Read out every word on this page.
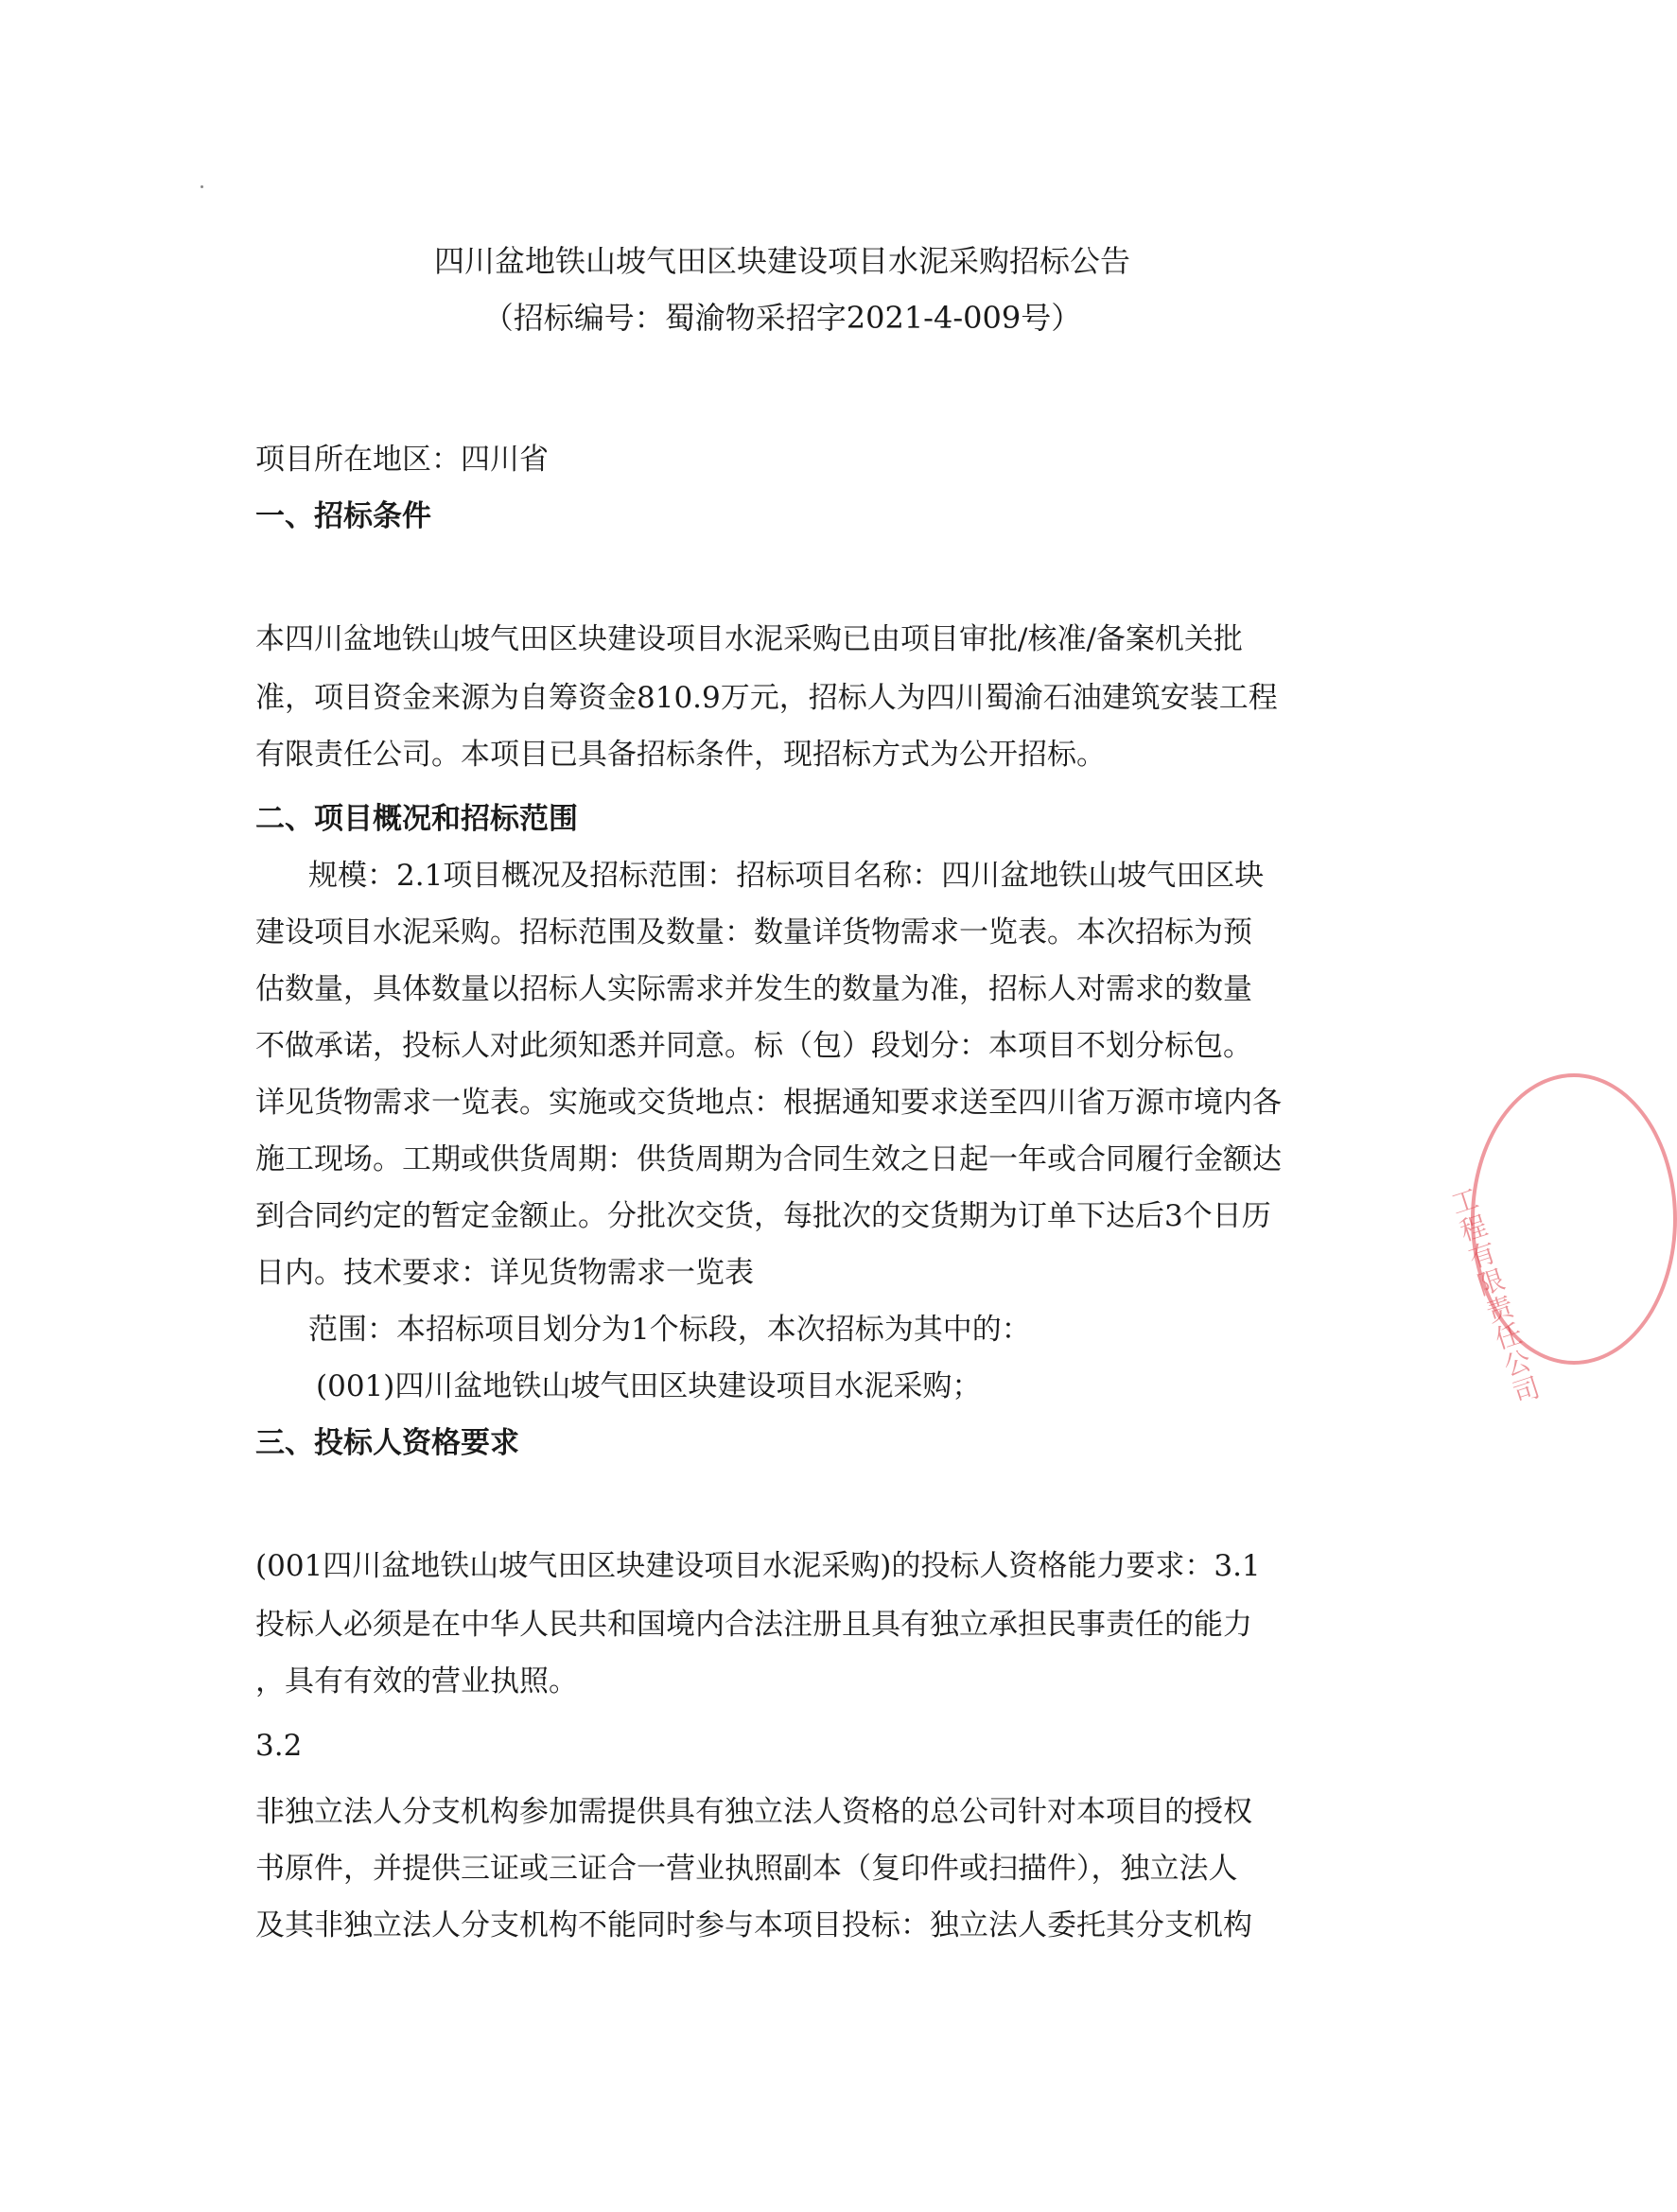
四川盆地铁山坡气田区块建设项目水泥采购招标公告
（招标编号：蜀渝物采招字2021-4-009号）
项目所在地区：四川省
一、招标条件
本四川盆地铁山坡气田区块建设项目水泥采购已由项目审批/核准/备案机关批
准，项目资金来源为自筹资金810.9万元，招标人为四川蜀渝石油建筑安装工程
有限责任公司。本项目已具备招标条件，现招标方式为公开招标。
二、项目概况和招标范围
规模：2.1项目概况及招标范围：招标项目名称：四川盆地铁山坡气田区块
建设项目水泥采购。招标范围及数量：数量详货物需求一览表。本次招标为预
估数量，具体数量以招标人实际需求并发生的数量为准，招标人对需求的数量
不做承诺，投标人对此须知悉并同意。标（包）段划分：本项目不划分标包。
详见货物需求一览表。实施或交货地点：根据通知要求送至四川省万源市境内各
施工现场。工期或供货周期：供货周期为合同生效之日起一年或合同履行金额达
到合同约定的暂定金额止。分批次交货，每批次的交货期为订单下达后3个日历
日内。技术要求：详见货物需求一览表
范围：本招标项目划分为1个标段，本次招标为其中的：
(001)四川盆地铁山坡气田区块建设项目水泥采购；
三、投标人资格要求
(001四川盆地铁山坡气田区块建设项目水泥采购)的投标人资格能力要求：3.1
投标人必须是在中华人民共和国境内合法注册且具有独立承担民事责任的能力
，具有有效的营业执照。
3.2
非独立法人分支机构参加需提供具有独立法人资格的总公司针对本项目的授权
书原件，并提供三证或三证合一营业执照副本（复印件或扫描件），独立法人
及其非独立法人分支机构不能同时参与本项目投标：独立法人委托其分支机构
工程有限责任公司
